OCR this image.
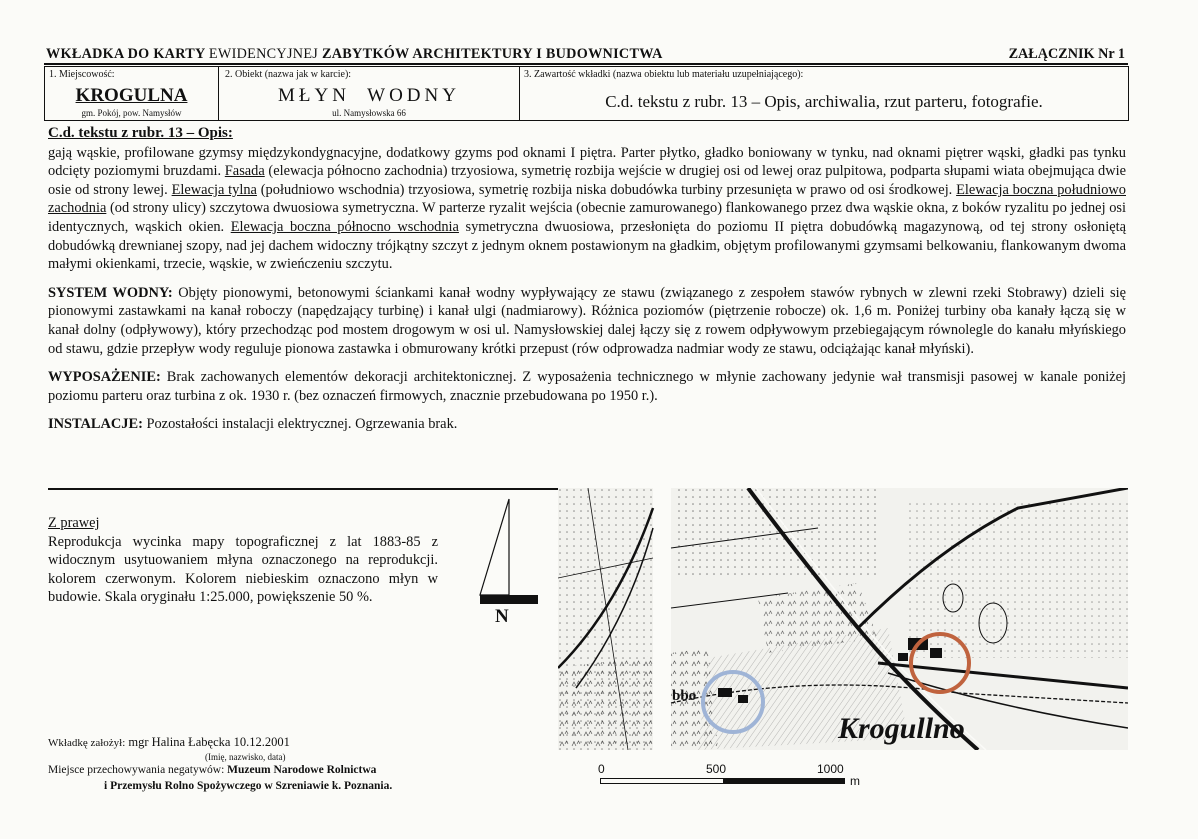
WKŁADKA DO KARTY EWIDENCYJNEJ ZABYTKÓW ARCHITEKTURY I BUDOWNICTWA	ZAŁĄCZNIK Nr 1
1. Miejscowość:
KROGULNA
gm. Pokój, pow. Namysłów
2. Obiekt (nazwa jak w karcie):
MŁYN  WODNY
ul. Namysłowska 66
3. Zawartość wkładki (nazwa obiektu lub materiału uzupełniającego):
C.d. tekstu z rubr. 13 – Opis, archiwalia, rzut parteru, fotografie.

C.d. tekstu z rubr. 13 – Opis:

gają wąskie, profilowane gzymsy międzykondygnacyjne, dodatkowy gzyms pod oknami I piętra. Parter płytko, gładko boniowany w tynku, nad oknami piętrer wąski, gładki pas tynku odcięty poziomymi bruzdami. Fasada (elewacja północno zachodnia) trzyosiowa, symetrię rozbija wejście w drugiej osi od lewej oraz pulpitowa, podparta słupami wiata obejmująca dwie osie od strony lewej. Elewacja tylna (południowo wschodnia) trzyosiowa, symetrię rozbija niska dobudówka turbiny przesunięta w prawo od osi środkowej. Elewacja boczna południowo zachodnia (od strony ulicy) szczytowa dwuosiowa symetryczna. W parterze ryzalit wejścia (obecnie zamurowanego) flankowanego przez dwa wąskie okna, z boków ryzalitu po jednej osi identycznych, wąskich okien. Elewacja boczna północno wschodnia symetryczna dwuosiowa, przesłonięta do poziomu II piętra dobudówką magazynową, od tej strony osłoniętą dobudówką drewnianej szopy, nad jej dachem widoczny trójkątny szczyt z jednym oknem postawionym na gładkim, objętym profilowanymi gzymsami belkowaniu, flankowanym dwoma małymi okienkami, trzecie, wąskie, w zwieńczeniu szczytu.

SYSTEM WODNY: Objęty pionowymi, betonowymi ściankami kanał wodny wypływający ze stawu (związanego z zespołem stawów rybnych w zlewni rzeki Stobrawy) dzieli się pionowymi zastawkami na kanał roboczy (napędzający turbinę) i kanał ulgi (nadmiarowy). Różnica poziomów (piętrzenie robocze) ok. 1,6 m. Poniżej turbiny oba kanały łączą się w kanał dolny (odpływowy), który przechodząc pod mostem drogowym w osi ul. Namysłowskiej dalej łączy się z rowem odpływowym przebiegającym równolegle do kanału młyńskiego od stawu, gdzie przepływ wody reguluje pionowa zastawka i obmurowany krótki przepust (rów odprowadza nadmiar wody ze stawu, odciążając kanał młyński).

WYPOSAŻENIE: Brak zachowanych elementów dekoracji architektonicznej. Z wyposażenia technicznego w młynie zachowany jedynie wał transmisji pasowej w kanale poniżej poziomu parteru oraz turbina z ok. 1930 r. (bez oznaczeń firmowych, znacznie przebudowana po 1950 r.).

INSTALACJE: Pozostałości instalacji elektrycznej. Ogrzewania brak.

Z prawej
Reprodukcja wycinka mapy topograficznej z lat 1883-85 z widocznym usytuowaniem młyna oznaczonego na reprodukcji. kolorem czerwonym. Kolorem niebieskim oznaczono młyn w budowie. Skala oryginału 1:25.000, powiększenie 50 %.
N
Krogullno
bbo
0	500	1000
m
Wkładkę założył: mgr Halina Łabęcka 10.12.2001
(Imię, nazwisko, data)
Miejsce przechowywania negatywów: Muzeum Narodowe Rolnictwa
i Przemysłu Rolno Spożywczego w Szreniawie k. Poznania.
